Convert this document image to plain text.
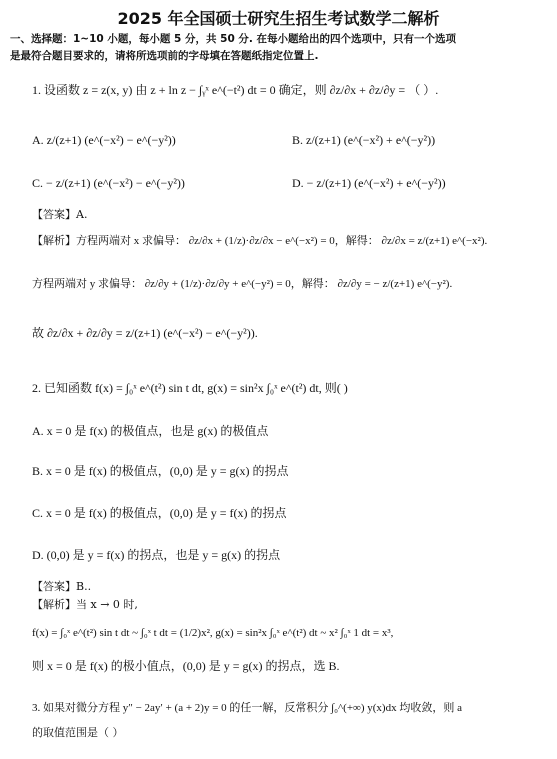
2025 年全国硕士研究生招生考试数学二解析
一、选择题：1~10 小题，每小题 5 分，共 50 分. 在每小题给出的四个选项中，只有一个选项
是最符合题目要求的，请将所选项前的字母填在答题纸指定位置上.
1. 设函数 z = z(x, y) 由 z + ln z − ∫ᵧˣ e^(−t²) dt = 0 确定，则 ∂z/∂x + ∂z/∂y = （ ）.
A. z/(z+1) (e^(−x²) − e^(−y²))	B. z/(z+1) (e^(−x²) + e^(−y²))
C. − z/(z+1) (e^(−x²) − e^(−y²))	D. − z/(z+1) (e^(−x²) + e^(−y²))
【答案】A.
【解析】方程两端对 x 求偏导： ∂z/∂x + (1/z)·∂z/∂x − e^(−x²) = 0，解得： ∂z/∂x = z/(z+1) e^(−x²).
方程两端对 y 求偏导： ∂z/∂y + (1/z)·∂z/∂y + e^(−y²) = 0，解得： ∂z/∂y = − z/(z+1) e^(−y²).
故 ∂z/∂x + ∂z/∂y = z/(z+1) (e^(−x²) − e^(−y²)).
2. 已知函数 f(x) = ∫₀ˣ e^(t²) sin t dt, g(x) = sin²x ∫₀ˣ e^(t²) dt, 则( )
A. x = 0 是 f(x) 的极值点，也是 g(x) 的极值点
B. x = 0 是 f(x) 的极值点，(0,0) 是 y = g(x) 的拐点
C. x = 0 是 f(x) 的极值点，(0,0) 是 y = f(x) 的拐点
D. (0,0) 是 y = f(x) 的拐点，也是 y = g(x) 的拐点
【答案】B..
【解析】当 x → 0 时,
f(x) = ∫₀ˣ e^(t²) sin t dt ~ ∫₀ˣ t dt = (1/2)x², g(x) = sin²x ∫₀ˣ e^(t²) dt ~ x² ∫₀ˣ 1 dt = x³,
则 x = 0 是 f(x) 的极小值点，(0,0) 是 y = g(x) 的拐点，选 B.
3. 如果对微分方程 y″ − 2ay′ + (a + 2)y = 0 的任一解，反常积分 ∫₀^(+∞) y(x)dx 均收敛，则 a
的取值范围是（ ）
